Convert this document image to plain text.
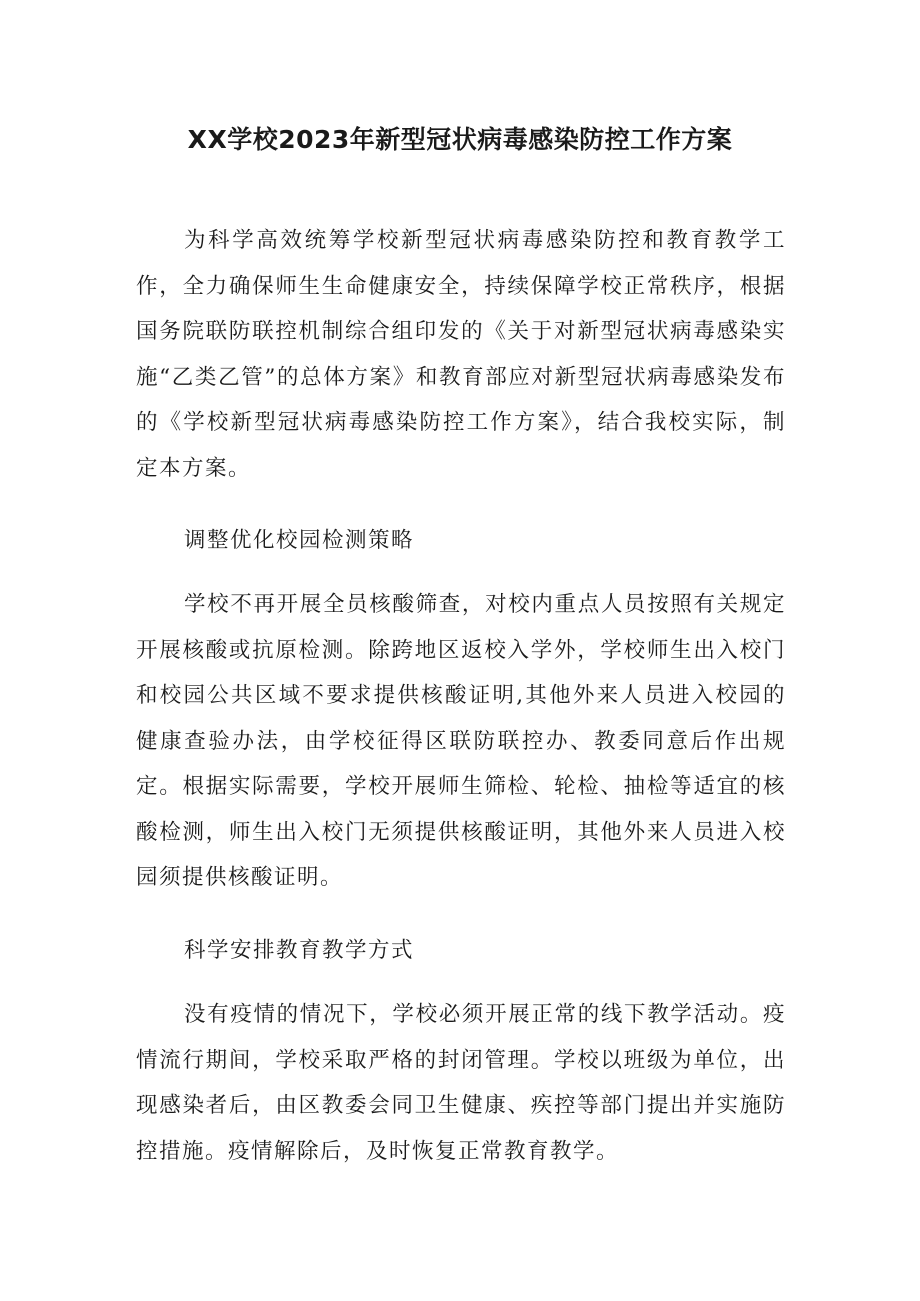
XX学校2023年新型冠状病毒感染防控工作方案

为科学高效统筹学校新型冠状病毒感染防控和教育教学工作，全力确保师生生命健康安全，持续保障学校正常秩序，根据国务院联防联控机制综合组印发的《关于对新型冠状病毒感染实施“乙类乙管”的总体方案》和教育部应对新型冠状病毒感染发布的《学校新型冠状病毒感染防控工作方案》，结合我校实际，制定本方案。

调整优化校园检测策略

学校不再开展全员核酸筛查，对校内重点人员按照有关规定开展核酸或抗原检测。除跨地区返校入学外，学校师生出入校门和校园公共区域不要求提供核酸证明,其他外来人员进入校园的健康查验办法，由学校征得区联防联控办、教委同意后作出规定。根据实际需要，学校开展师生筛检、轮检、抽检等适宜的核酸检测，师生出入校门无须提供核酸证明，其他外来人员进入校园须提供核酸证明。

科学安排教育教学方式

没有疫情的情况下，学校必须开展正常的线下教学活动。疫情流行期间，学校采取严格的封闭管理。学校以班级为单位，出现感染者后，由区教委会同卫生健康、疾控等部门提出并实施防控措施。疫情解除后，及时恢复正常教育教学。
